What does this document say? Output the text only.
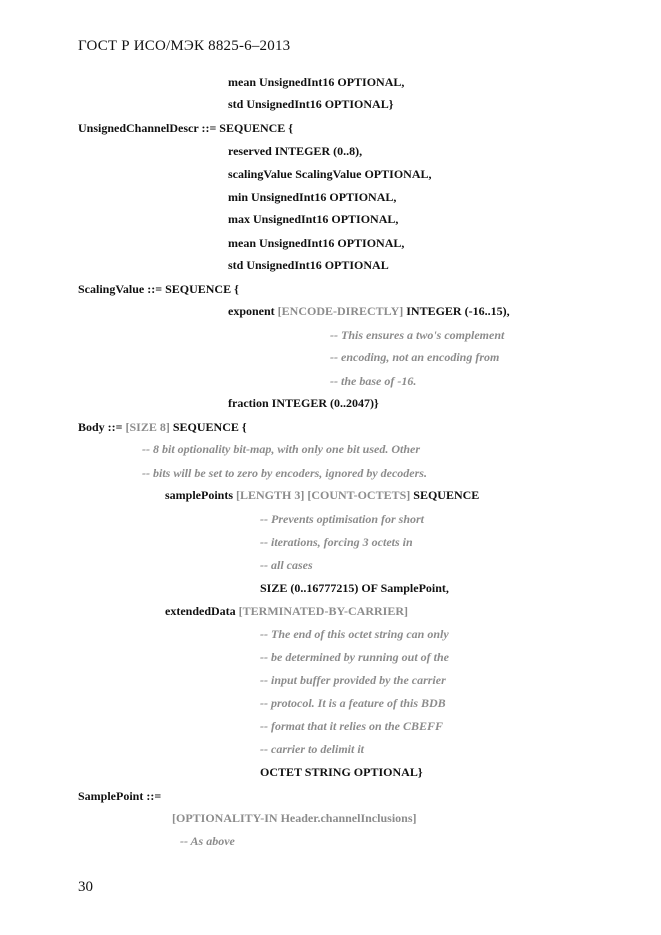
ГОСТ Р ИСО/МЭК 8825-6–2013
mean UnsignedInt16 OPTIONAL,
std UnsignedInt16 OPTIONAL}
UnsignedChannelDescr ::= SEQUENCE {
reserved INTEGER (0..8),
scalingValue ScalingValue OPTIONAL,
min UnsignedInt16 OPTIONAL,
max UnsignedInt16 OPTIONAL,
mean UnsignedInt16 OPTIONAL,
std UnsignedInt16 OPTIONAL
ScalingValue ::= SEQUENCE {
exponent [ENCODE-DIRECTLY] INTEGER (-16..15),
-- This ensures a two's complement
-- encoding, not an encoding from
-- the base of -16.
fraction INTEGER (0..2047)}
Body ::= [SIZE 8] SEQUENCE {
-- 8 bit optionality bit-map, with only one bit used. Other
-- bits will be set to zero by encoders, ignored by decoders.
samplePoints [LENGTH 3] [COUNT-OCTETS] SEQUENCE
-- Prevents optimisation for short
-- iterations, forcing 3 octets in
-- all cases
SIZE (0..16777215) OF SamplePoint,
extendedData [TERMINATED-BY-CARRIER]
-- The end of this octet string can only
-- be determined by running out of the
-- input buffer provided by the carrier
-- protocol. It is a feature of this BDB
-- format that it relies on the CBEFF
-- carrier to delimit it
OCTET STRING OPTIONAL}
SamplePoint ::=
[OPTIONALITY-IN Header.channelInclusions]
-- As above
30
